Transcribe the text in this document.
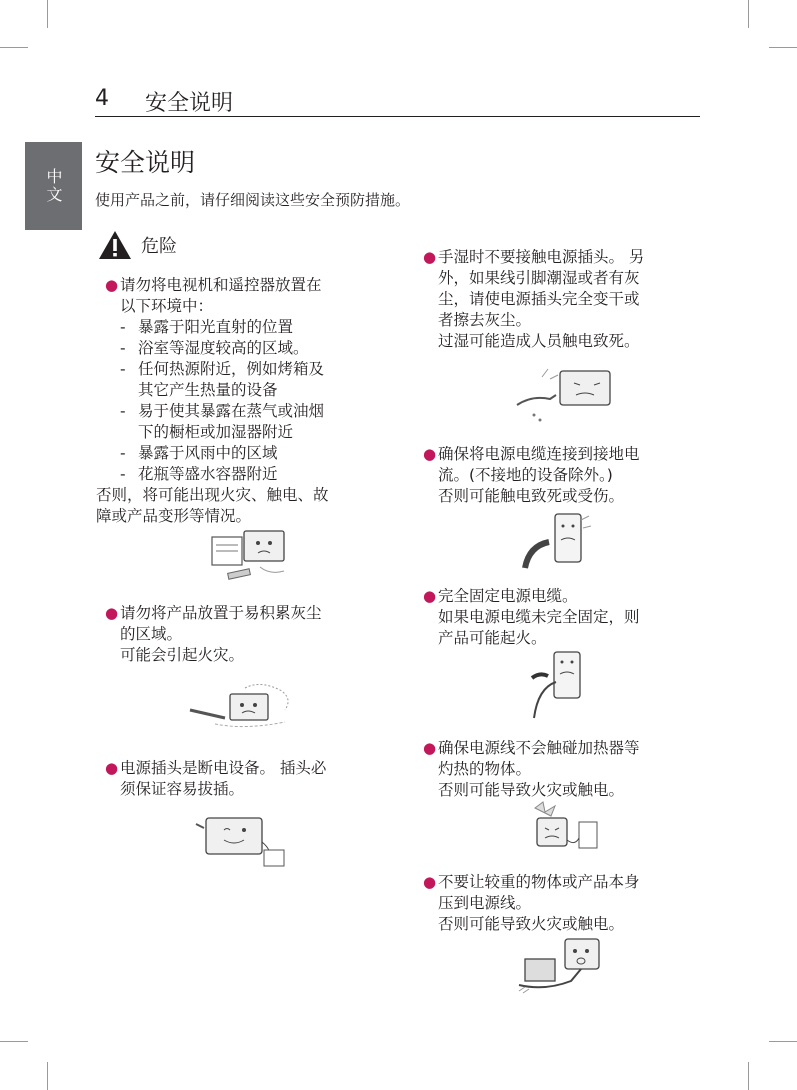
4 安全说明
中文
安全说明
使用产品之前，请仔细阅读这些安全预防措施。
危险
● 请勿将电视机和遥控器放置在

以下环境中：

- 暴露于阳光直射的位置

- 浴室等湿度较高的区域。

- 任何热源附近，例如烤箱及

其它产生热量的设备

- 易于使其暴露在蒸气或油烟

下的橱柜或加湿器附近

- 暴露于风雨中的区域

- 花瓶等盛水容器附近

否则，将可能出现火灾、触电、故

障或产品变形等情况。

● 请勿将产品放置于易积累灰尘

的区域。

可能会引起火灾。

● 电源插头是断电设备。 插头必

须保证容易拔插。

● 手湿时不要接触电源插头。 另

外，如果线引脚潮湿或者有灰

尘，请使电源插头完全变干或

者擦去灰尘。

过湿可能造成人员触电致死。

● 确保将电源电缆连接到接地电

流。(不接地的设备除外。)

否则可能触电致死或受伤。

● 完全固定电源电缆。

如果电源电缆未完全固定，则

产品可能起火。

● 确保电源线不会触碰加热器等

灼热的物体。

否则可能导致火灾或触电。

● 不要让较重的物体或产品本身

压到电源线。

否则可能导致火灾或触电。
